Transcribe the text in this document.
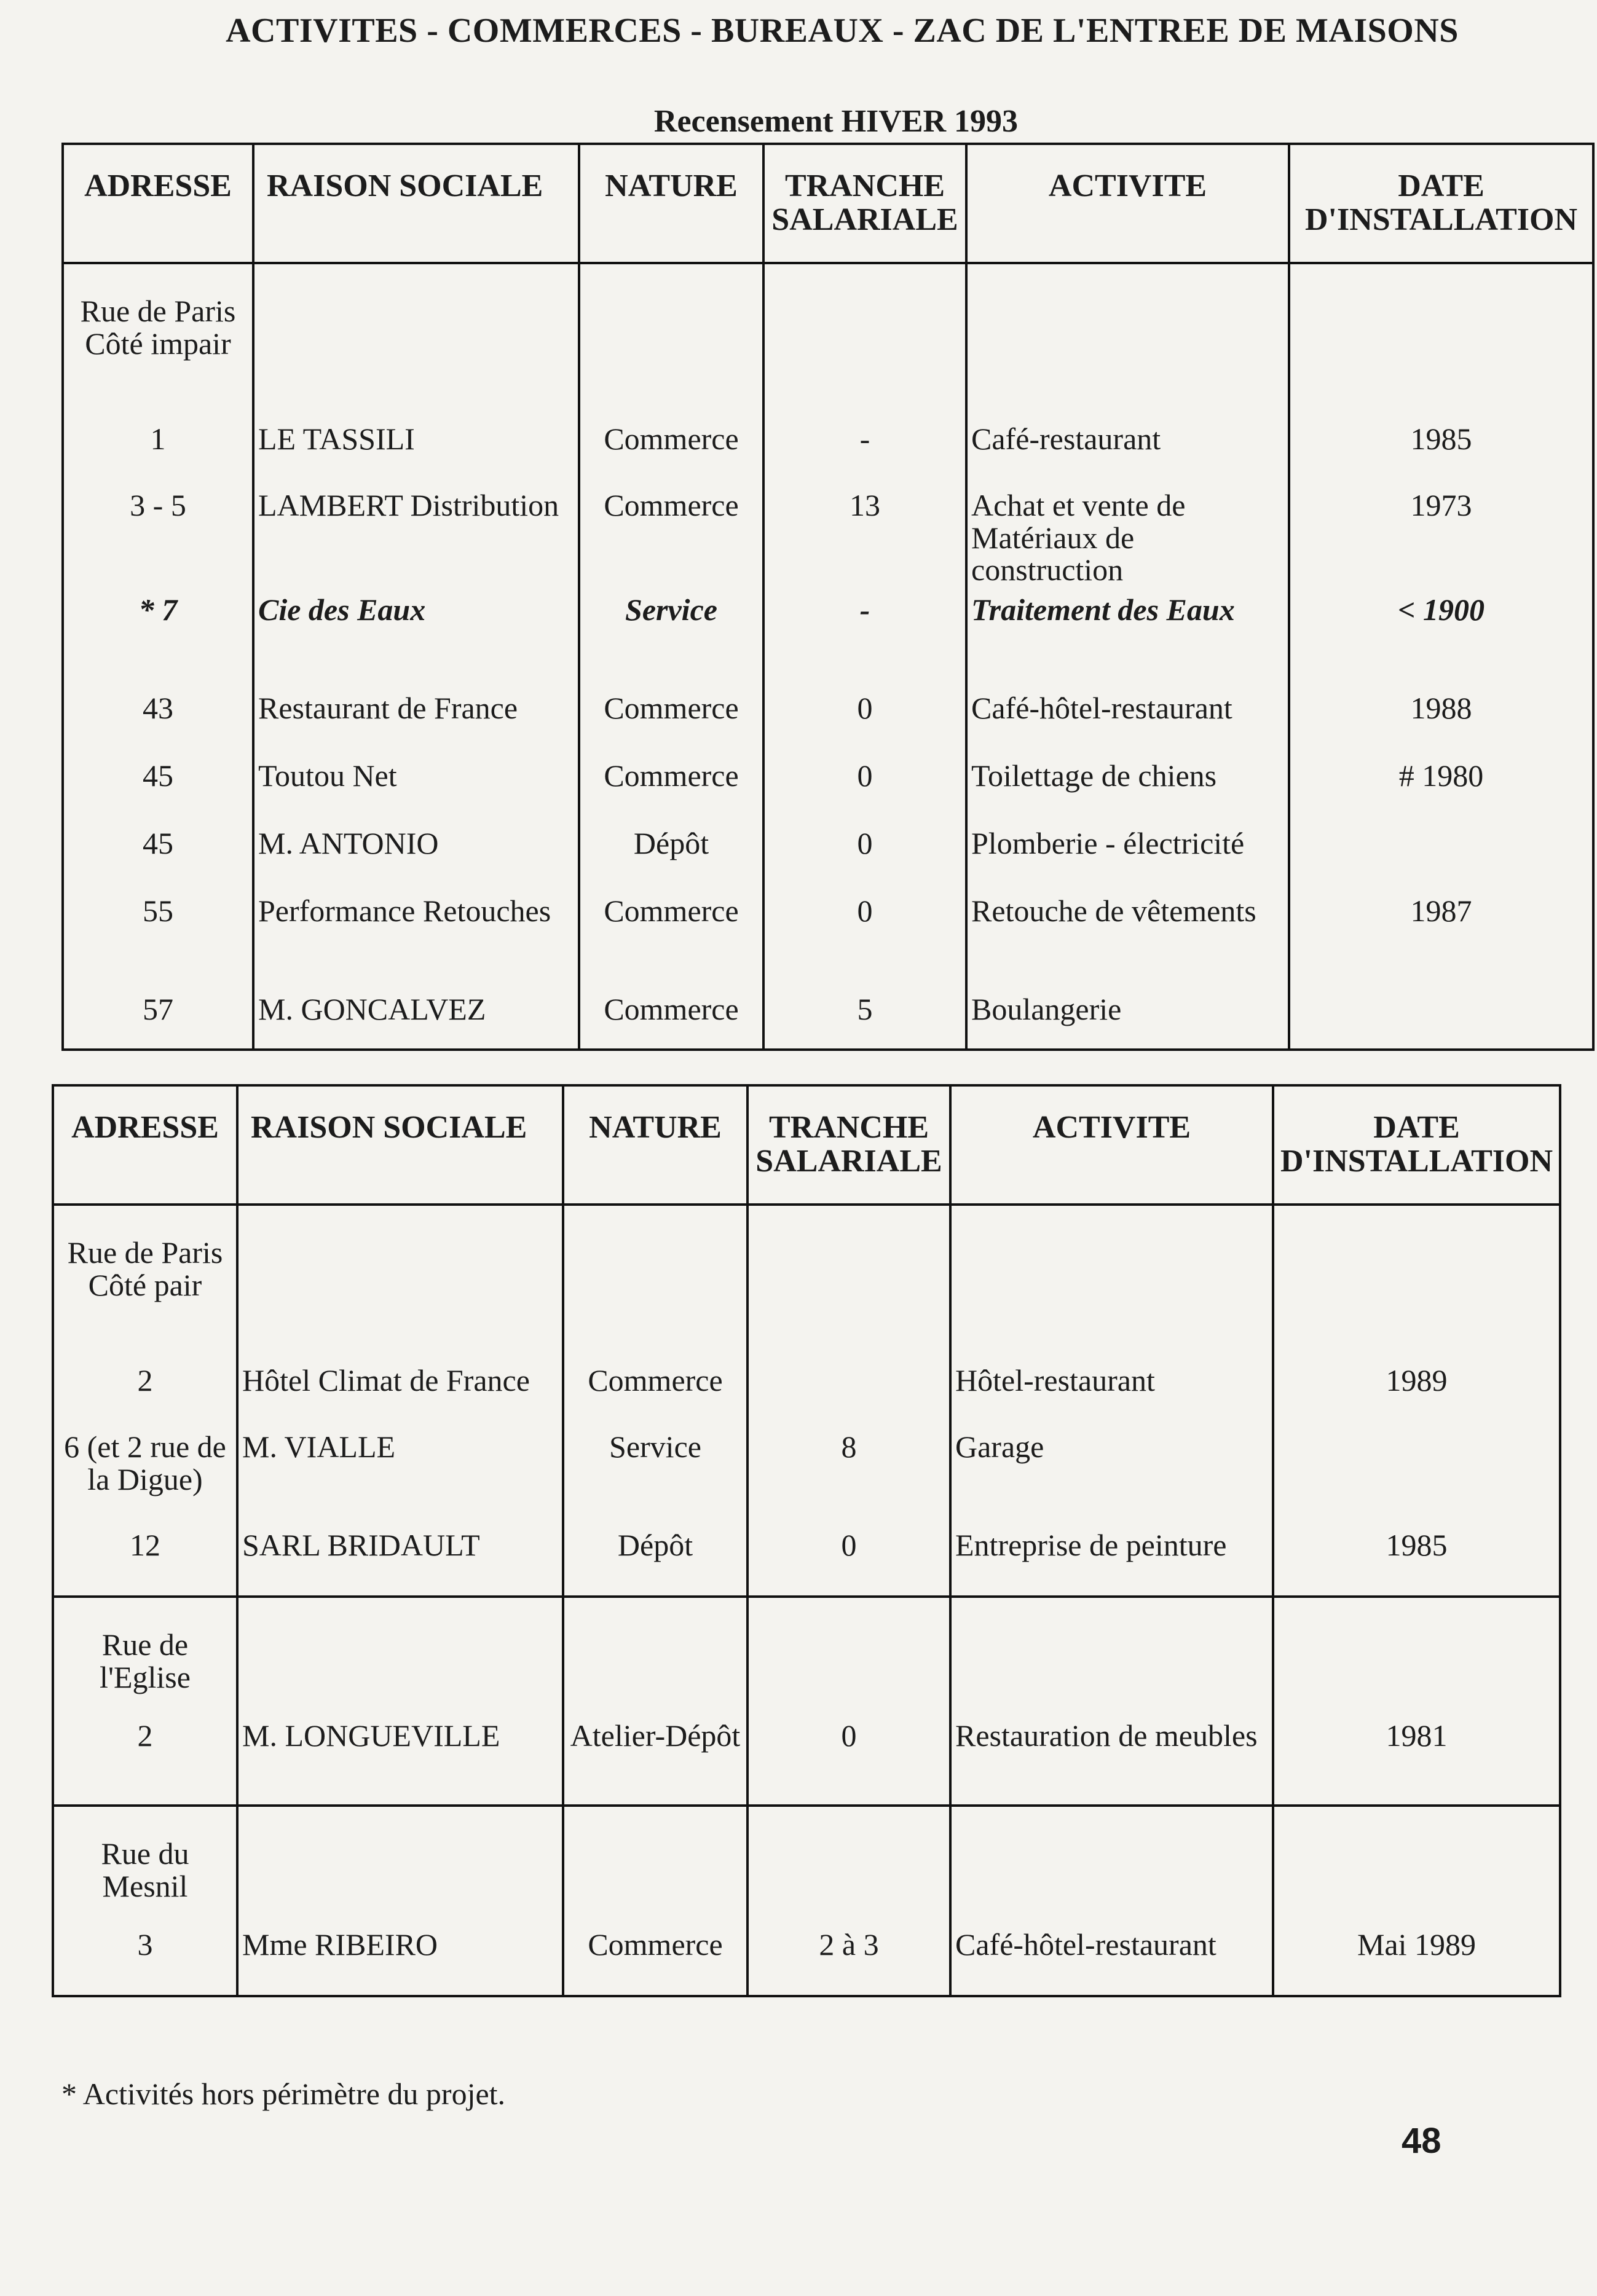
ACTIVITES - COMMERCES - BUREAUX - ZAC DE L'ENTREE DE MAISONS
Recensement HIVER 1993
ADRESSE	RAISON SOCIALE	NATURE	TRANCHE SALARIALE	ACTIVITE	DATE D'INSTALLATION
Rue de Paris Côté impair					
1	LE TASSILI	Commerce	-	Café-restaurant	1985
3 - 5	LAMBERT Distribution	Commerce	13	Achat et vente de Matériaux de construction	1973
* 7	Cie des Eaux	Service	-	Traitement des Eaux	< 1900
43	Restaurant de France	Commerce	0	Café-hôtel-restaurant	1988
45	Toutou Net	Commerce	0	Toilettage de chiens	# 1980
45	M. ANTONIO	Dépôt	0	Plomberie - électricité	
55	Performance Retouches	Commerce	0	Retouche de vêtements	1987
57	M. GONCALVEZ	Commerce	5	Boulangerie	
ADRESSE	RAISON SOCIALE	NATURE	TRANCHE SALARIALE	ACTIVITE	DATE D'INSTALLATION
Rue de Paris Côté pair					
2	Hôtel Climat de France	Commerce		Hôtel-restaurant	1989
6 (et 2 rue de la Digue)	M. VIALLE	Service	8	Garage	
12	SARL BRIDAULT	Dépôt	0	Entreprise de peinture	1985
Rue de l'Eglise					
2	M. LONGUEVILLE	Atelier-Dépôt	0	Restauration de meubles	1981
Rue du Mesnil					
3	Mme RIBEIRO	Commerce	2 à 3	Café-hôtel-restaurant	Mai 1989
* Activités hors périmètre du projet.
48
